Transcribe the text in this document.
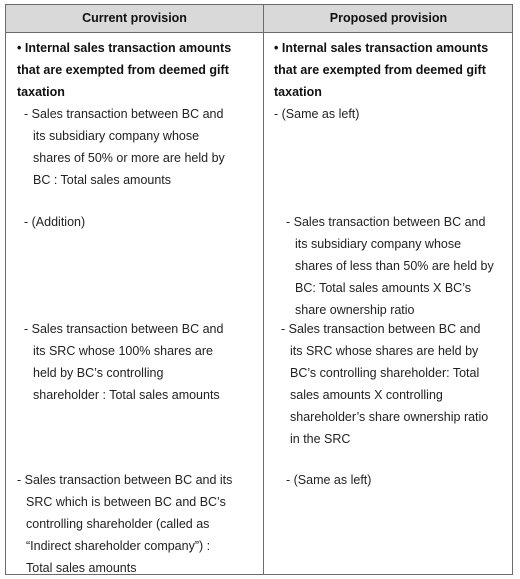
Current provision	Proposed provision
• Internal sales transaction amounts
that are exempted from deemed gift
taxation
- Sales transaction between BC and
its subsidiary company whose
shares of 50% or more are held by
BC : Total sales amounts
- (Addition)
- Sales transaction between BC and
its SRC whose 100% shares are
held by BC’s controlling
shareholder : Total sales amounts
- Sales transaction between BC and its
SRC which is between BC and BC’s
controlling shareholder (called as
“Indirect shareholder company”) :
Total sales amounts
• Internal sales transaction amounts
that are exempted from deemed gift
taxation
- (Same as left)
- Sales transaction between BC and
its subsidiary company whose
shares of less than 50% are held by
BC: Total sales amounts X BC’s
share ownership ratio
- Sales transaction between BC and
its SRC whose shares are held by
BC’s controlling shareholder: Total
sales amounts X controlling
shareholder’s share ownership ratio
in the SRC
- (Same as left)
